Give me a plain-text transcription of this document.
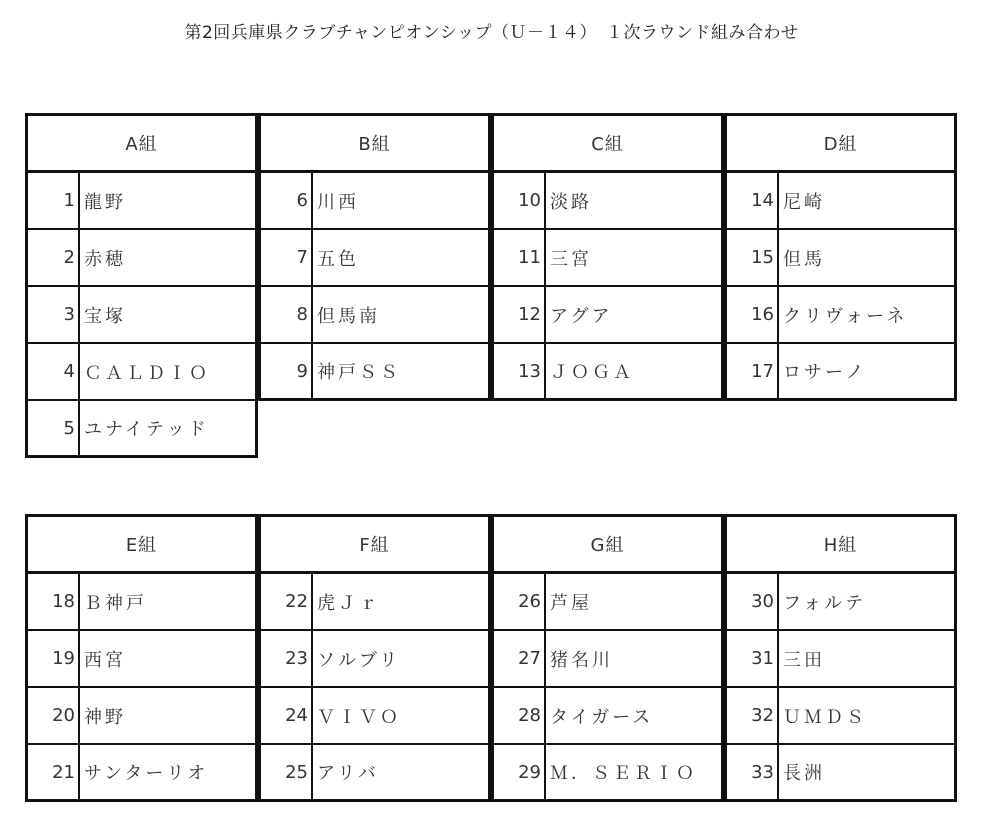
第2回兵庫県クラブチャンピオンシップ（Ｕ－１４）　１次ラウンド組み合わせ
A組
1 龍野
2 赤穂
3 宝塚
4 ＣＡＬＤＩＯ
5 ユナイテッド
B組
6 川西
7 五色
8 但馬南
9 神戸ＳＳ
C組
10 淡路
11 三宮
12 アグア
13 ＪＯＧＡ
D組
14 尼崎
15 但馬
16 クリヴォーネ
17 ロサーノ
E組
18 Ｂ神戸
19 西宮
20 神野
21 サンターリオ
F組
22 虎Ｊｒ
23 ソルブリ
24 ＶＩＶＯ
25 アリバ
G組
26 芦屋
27 猪名川
28 タイガース
29 Ｍ．ＳＥＲＩＯ
H組
30 フォルテ
31 三田
32 ＵＭＤＳ
33 長洲
